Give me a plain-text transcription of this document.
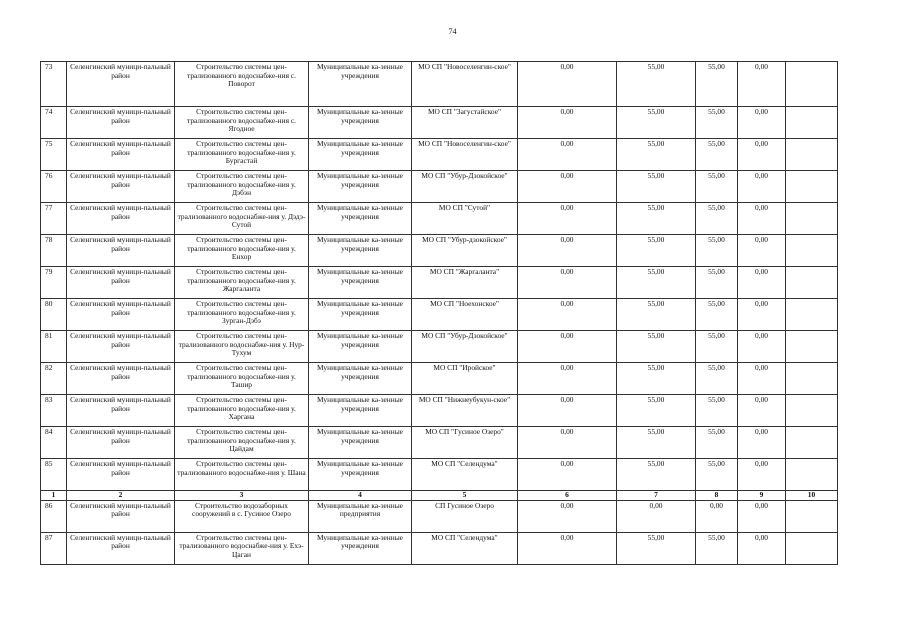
74
73	Селенгинский муници-пальный район	Строительство системы цен-трализованного водоснабже-ния с. Поворот	Муниципальные ка-зенные учреждения	МО СП "Новоселенгин-ское"	0,00	55,00	55,00	0,00	
74	Селенгинский муници-пальный район	Строительство системы цен-трализованного водоснабже-ния с. Ягодное	Муниципальные ка-зенные учреждения	МО СП "Загустайское"	0,00	55,00	55,00	0,00	
75	Селенгинский муници-пальный район	Строительство системы цен-трализованного водоснабже-ния у. Бургастай	Муниципальные ка-зенные учреждения	МО СП "Новоселенгин-ское"	0,00	55,00	55,00	0,00	
76	Селенгинский муници-пальный район	Строительство системы цен-трализованного водоснабже-ния у. Дэбэн	Муниципальные ка-зенные учреждения	МО СП "Убур-Дзокойское"	0,00	55,00	55,00	0,00	
77	Селенгинский муници-пальный район	Строительство системы цен-трализованного водоснабже-ния у. Дэдэ-Сутой	Муниципальные ка-зенные учреждения	МО СП "Сутой"	0,00	55,00	55,00	0,00	
78	Селенгинский муници-пальный район	Строительство системы цен-трализованного водоснабже-ния у. Енхор	Муниципальные ка-зенные учреждения	МО СП "Убур-дзокойское"	0,00	55,00	55,00	0,00	
79	Селенгинский муници-пальный район	Строительство системы цен-трализованного водоснабже-ния у. Жаргаланта	Муниципальные ка-зенные учреждения	МО СП "Жаргаланта"	0,00	55,00	55,00	0,00	
80	Селенгинский муници-пальный район	Строительство системы цен-трализованного водоснабже-ния у. Зурган-Дэбэ	Муниципальные ка-зенные учреждения	МО СП "Ноехонское"	0,00	55,00	55,00	0,00	
81	Селенгинский муници-пальный район	Строительство системы цен-трализованного водоснабже-ния у. Нур-Тухум	Муниципальные ка-зенные учреждения	МО СП "Убур-Дзокойское"	0,00	55,00	55,00	0,00	
82	Селенгинский муници-пальный район	Строительство системы цен-трализованного водоснабже-ния у. Ташир	Муниципальные ка-зенные учреждения	МО СП "Иройское"	0,00	55,00	55,00	0,00	
83	Селенгинский муници-пальный район	Строительство системы цен-трализованного водоснабже-ния у. Харгана	Муниципальные ка-зенные учреждения	МО СП "Нижнеубукун-ское"	0,00	55,00	55,00	0,00	
84	Селенгинский муници-пальный район	Строительство системы цен-трализованного водоснабже-ния у. Цайдам	Муниципальные ка-зенные учреждения	МО СП "Гусиное Озеро"	0,00	55,00	55,00	0,00	
85	Селенгинский муници-пальный район	Строительство системы цен-трализованного водоснабже-ния у. Шана	Муниципальные ка-зенные учреждения	МО СП "Селендума"	0,00	55,00	55,00	0,00	
1	2	3	4	5	6	7	8	9	10
86	Селенгинский муници-пальный район	Строительство водозаборных сооружений в с. Гусиное Озеро	Муниципальные ка-зенные предприятия	СП Гусиное Озеро	0,00	0,00	0,00	0,00	
87	Селенгинский муници-пальный район	Строительство системы цен-трализованного водоснабже-ния у. Ехэ-Цаган	Муниципальные ка-зенные учреждения	МО СП "Селендума"	0,00	55,00	55,00	0,00	
